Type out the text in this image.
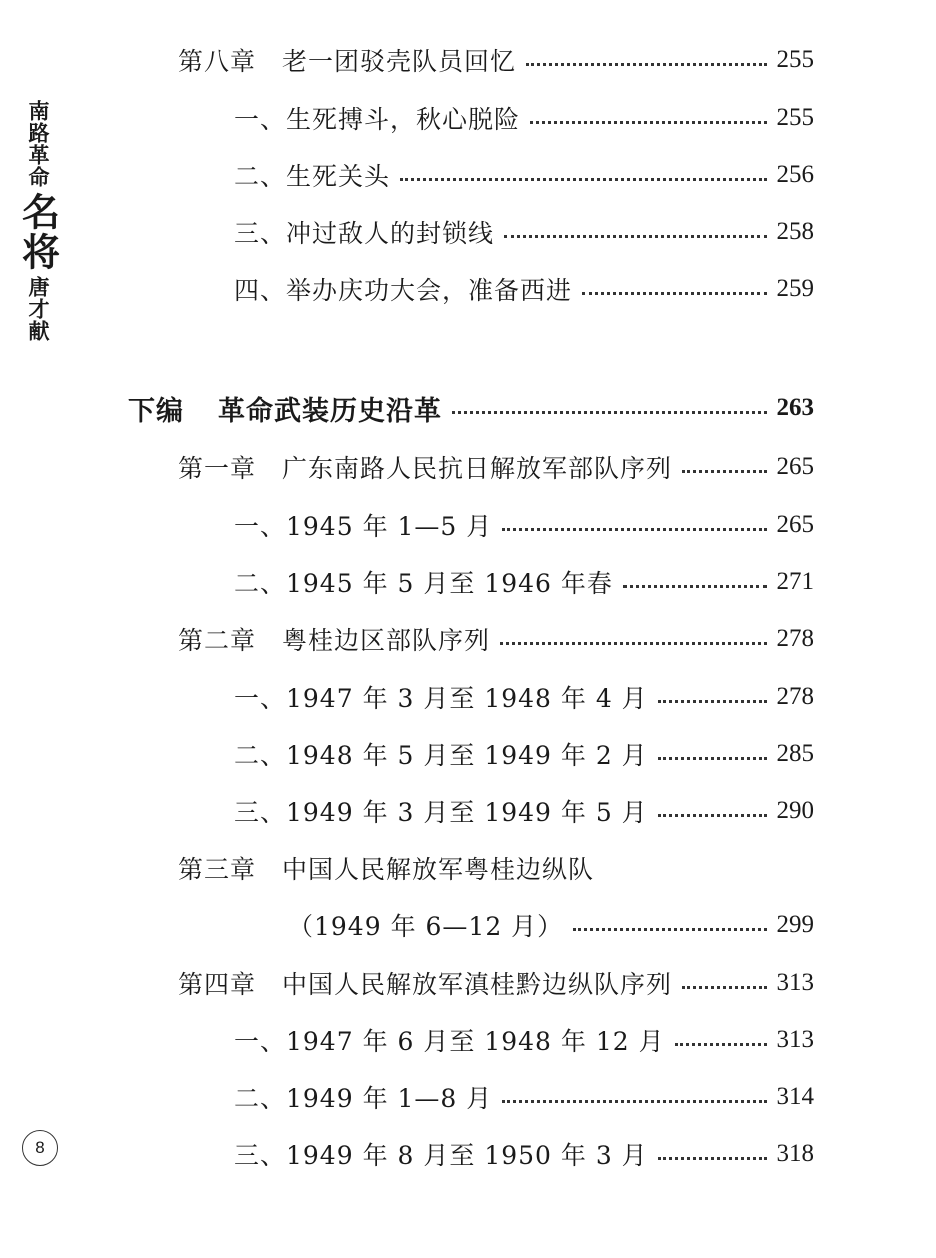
南路革命
名将
唐才献
8
第八章 老一团驳壳队员回忆	255
一、生死搏斗，秋心脱险	255
二、生死关头	256
三、冲过敌人的封锁线	258
四、举办庆功大会，准备西进	259
下编 革命武装历史沿革	263
第一章 广东南路人民抗日解放军部队序列	265
一、1945 年 1—5 月	265
二、1945 年 5 月至 1946 年春	271
第二章 粤桂边区部队序列	278
一、1947 年 3 月至 1948 年 4 月	278
二、1948 年 5 月至 1949 年 2 月	285
三、1949 年 3 月至 1949 年 5 月	290
第三章 中国人民解放军粤桂边纵队
（1949 年 6—12 月）	299
第四章 中国人民解放军滇桂黔边纵队序列	313
一、1947 年 6 月至 1948 年 12 月	313
二、1949 年 1—8 月	314
三、1949 年 8 月至 1950 年 3 月	318
